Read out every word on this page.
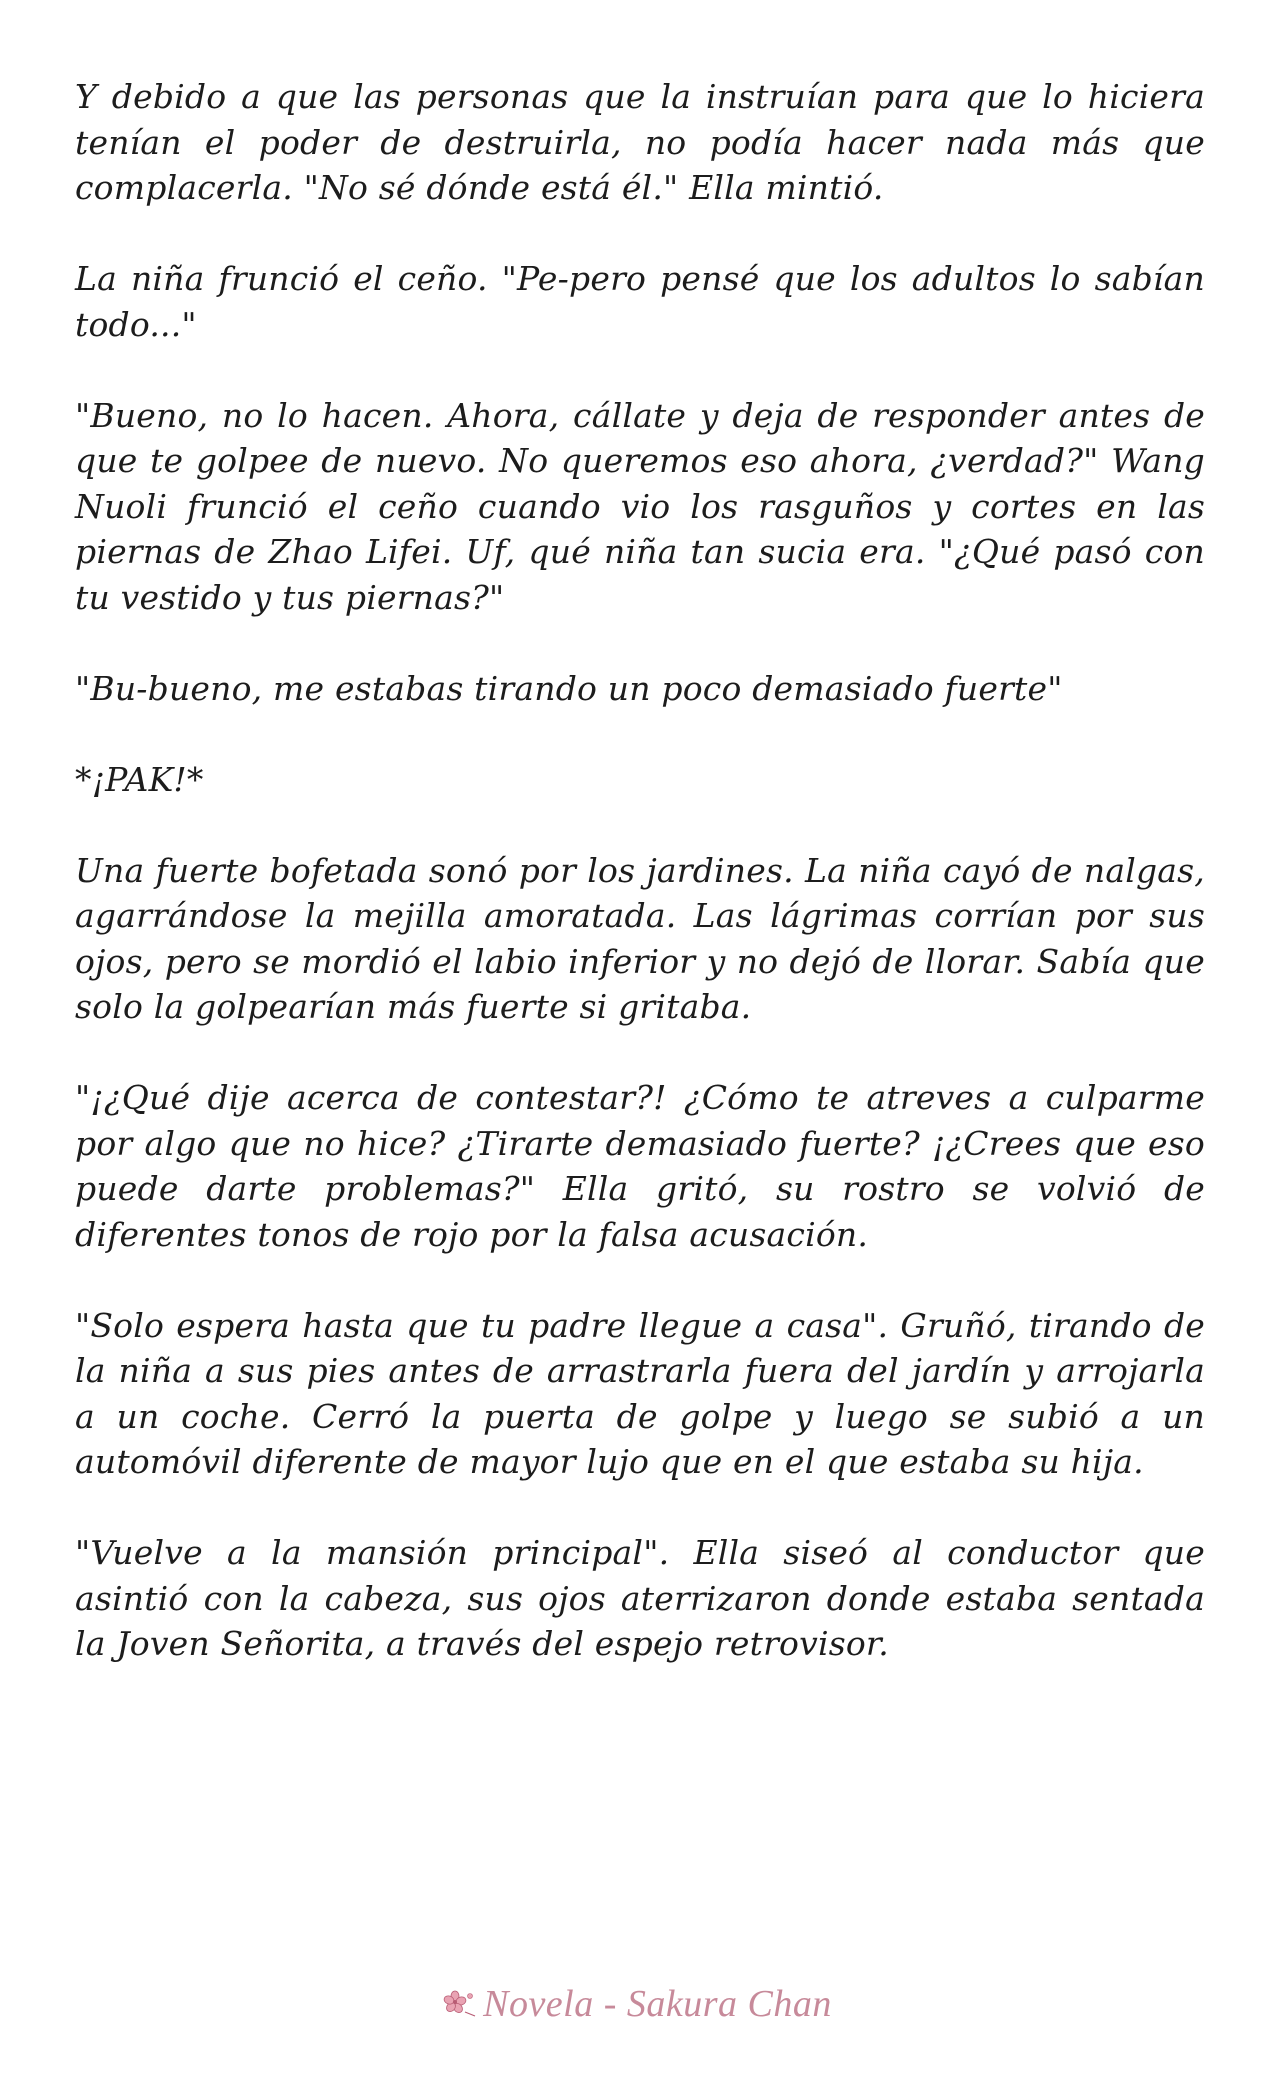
Y debido a que las personas que la instruían para que lo hiciera tenían el poder de destruirla, no podía hacer nada más que complacerla. "No sé dónde está él." Ella mintió.

La niña frunció el ceño. "Pe-pero pensé que los adultos lo sabían todo..."

"Bueno, no lo hacen. Ahora, cállate y deja de responder antes de que te golpee de nuevo. No queremos eso ahora, ¿verdad?" Wang Nuoli frunció el ceño cuando vio los rasguños y cortes en las piernas de Zhao Lifei. Uf, qué niña tan sucia era. "¿Qué pasó con tu vestido y tus piernas?"

"Bu-bueno, me estabas tirando un poco demasiado fuerte"

*¡PAK!*

Una fuerte bofetada sonó por los jardines. La niña cayó de nalgas, agarrándose la mejilla amoratada. Las lágrimas corrían por sus ojos, pero se mordió el labio inferior y no dejó de llorar. Sabía que solo la golpearían más fuerte si gritaba.

"¡¿Qué dije acerca de contestar?! ¿Cómo te atreves a culparme por algo que no hice? ¿Tirarte demasiado fuerte? ¡¿Crees que eso puede darte problemas?" Ella gritó, su rostro se volvió de diferentes tonos de rojo por la falsa acusación.

"Solo espera hasta que tu padre llegue a casa". Gruñó, tirando de la niña a sus pies antes de arrastrarla fuera del jardín y arrojarla a un coche. Cerró la puerta de golpe y luego se subió a un automóvil diferente de mayor lujo que en el que estaba su hija.

"Vuelve a la mansión principal". Ella siseó al conductor que asintió con la cabeza, sus ojos aterrizaron donde estaba sentada la Joven Señorita, a través del espejo retrovisor.

Novela - Sakura Chan
